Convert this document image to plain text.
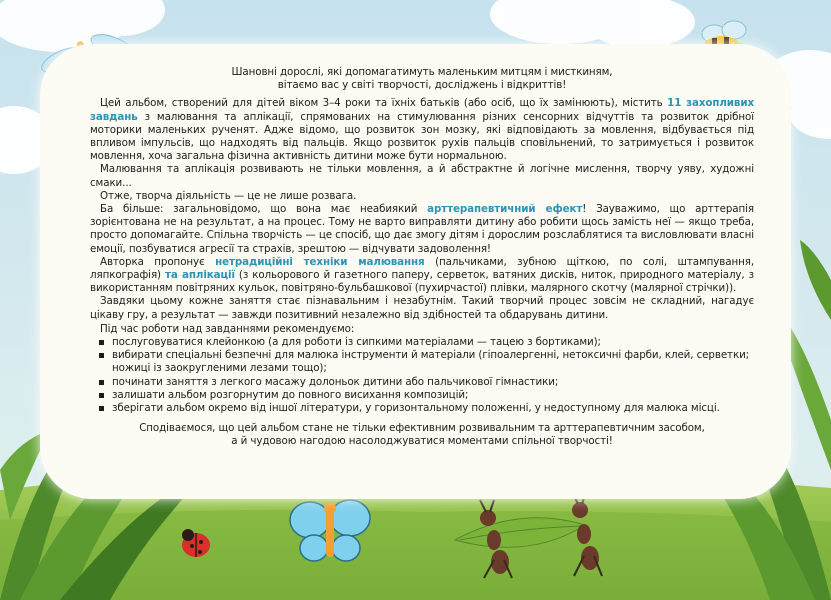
Шановні дорослі, які допомагатимуть маленьким митцям і мисткиням,

вітаємо вас у світі творчості, досліджень і відкриттів!

Цей альбом, створений для дітей віком 3–4 роки та їхніх батьків (або осіб, що їх замінюють), містить 11 захопливих завдань з малювання та аплікації, спрямованих на стимулювання різних сенсорних відчуттів та розвиток дрібної моторики маленьких рученят. Адже відомо, що розвиток зон мозку, які відповідають за мовлення, відбувається під впливом імпульсів, що надходять від пальців. Якщо розвиток рухів пальців сповільнений, то затримується і розвиток мовлення, хоча загальна фізична активність дитини може бути нормальною.

Малювання та аплікація розвивають не тільки мовлення, а й абстрактне й логічне мислення, творчу уяву, художні смаки...

Отже, творча діяльність — це не лише розвага.

Ба більше: загальновідомо, що вона має неабиякий арттерапевтичний ефект! Зауважимо, що арттерапія зорієнтована не на результат, а на процес. Тому не варто виправляти дитину або робити щось замість неї — якщо треба, просто допомагайте. Спільна творчість — це спосіб, що дає змогу дітям і дорослим розслаблятися та висловлювати власні емоції, позбуватися агресії та страхів, зрештою — відчувати задоволення!

Авторка пропонує нетрадиційні техніки малювання (пальчиками, зубною щіткою, по солі, штампування, ляпкографія) та аплікації (з кольорового й газетного паперу, серветок, ватяних дисків, ниток, природного матеріалу, з використанням повітряних кульок, повітряно-бульбашкової (пухирчастої) плівки, малярного скотчу (малярної стрічки)).

Завдяки цьому кожне заняття стає пізнавальним і незабутнім. Такий творчий процес зовсім не складний, нагадує цікаву гру, а результат — завжди позитивний незалежно від здібностей та обдарувань дитини.

Під час роботи над завданнями рекомендуємо:

послуговуватися клейонкою (а для роботи із сипкими матеріалами — тацею з бортиками);
вибирати спеціальні безпечні для малюка інструменти й матеріали (гіпоалергенні, нетоксичні фарби, клей, серветки; ножиці із заокругленими лезами тощо);
починати заняття з легкого масажу долоньок дитини або пальчикової гімнастики;
залишати альбом розгорнутим до повного висихання композицій;
зберігати альбом окремо від іншої літератури, у горизонтальному положенні, у недоступному для малюка місці.

Сподіваємося, що цей альбом стане не тільки ефективним розвивальним та арттерапевтичним засобом,

а й чудовою нагодою насолоджуватися моментами спільної творчості!
